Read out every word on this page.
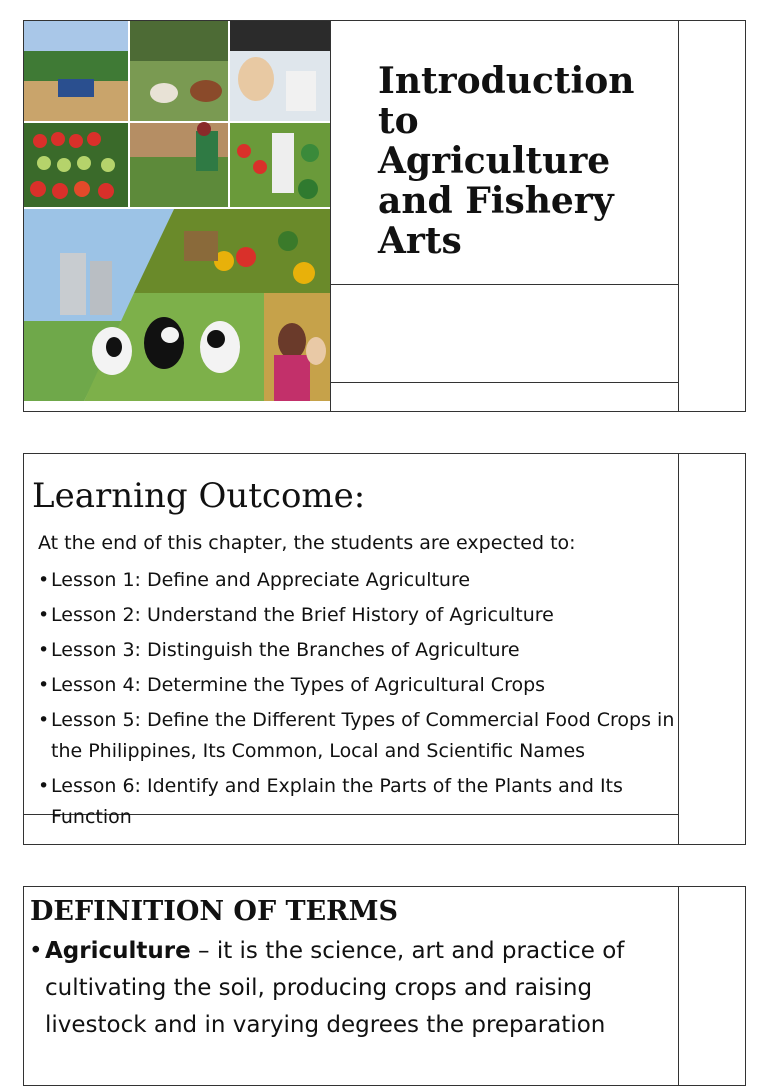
Introduction
to
Agriculture
and Fishery
Arts
Learning Outcome:

At the end of this chapter, the students are expected to:

• Lesson 1: Define and Appreciate Agriculture
• Lesson 2: Understand the Brief History of Agriculture
• Lesson 3: Distinguish the Branches of Agriculture
• Lesson 4: Determine the Types of Agricultural Crops
• Lesson 5: Define the Different Types of Commercial Food Crops in the Philippines, Its Common, Local and Scientific Names
• Lesson 6: Identify and Explain the Parts of the Plants and Its Function
DEFINITION OF TERMS
• Agriculture – it is the science, art and practice of cultivating the soil, producing crops and raising livestock and in varying degrees the preparation
